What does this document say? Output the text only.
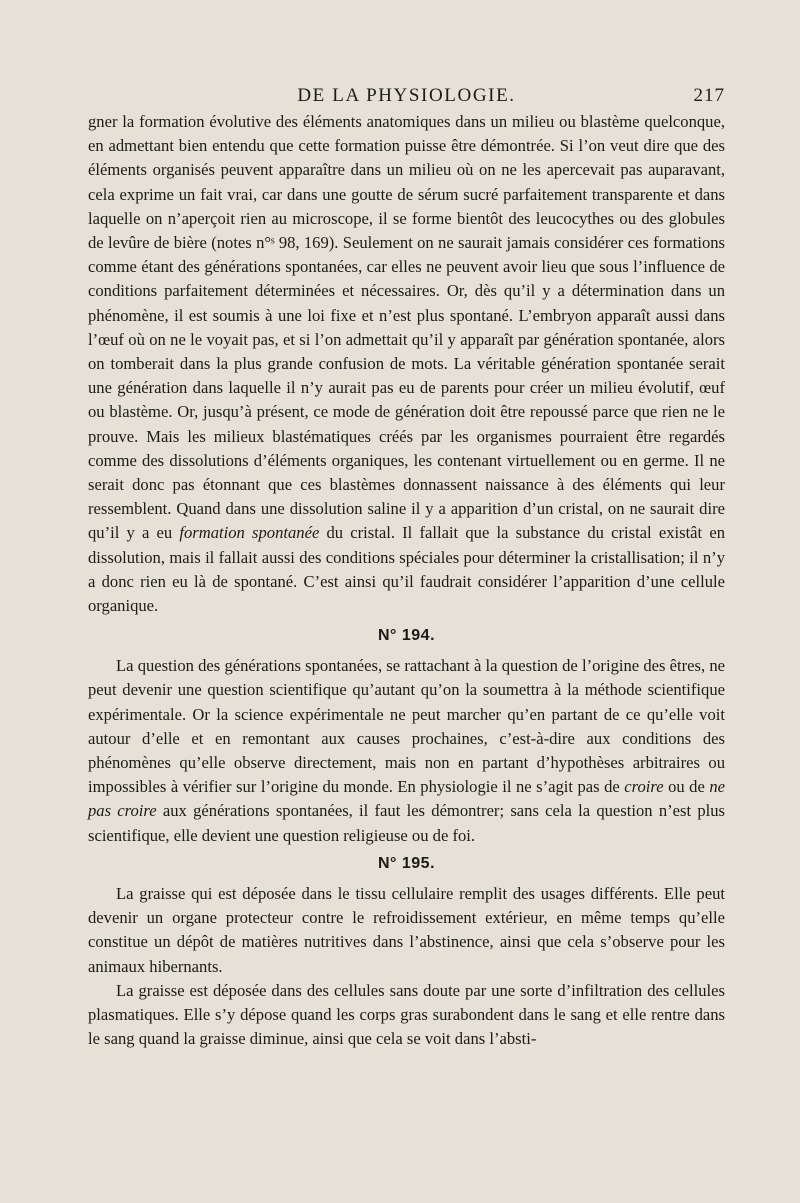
DE LA PHYSIOLOGIE.	217

gner la formation évolutive des éléments anatomiques dans un milieu ou blastème quelconque, en admettant bien entendu que cette formation puisse être démontrée. Si l’on veut dire que des éléments organisés peuvent apparaître dans un milieu où on ne les apercevait pas auparavant, cela exprime un fait vrai, car dans une goutte de sérum sucré parfaitement transparente et dans laquelle on n’aperçoit rien au microscope, il se forme bientôt des leucocythes ou des globules de levûre de bière (notes n°ˢ 98, 169). Seulement on ne saurait jamais considérer ces formations comme étant des générations spontanées, car elles ne peuvent avoir lieu que sous l’influence de conditions parfaitement déterminées et nécessaires. Or, dès qu’il y a détermination dans un phénomène, il est soumis à une loi fixe et n’est plus spontané. L’embryon apparaît aussi dans l’œuf où on ne le voyait pas, et si l’on admettait qu’il y apparaît par génération spontanée, alors on tomberait dans la plus grande confusion de mots. La véritable génération spontanée serait une génération dans laquelle il n’y aurait pas eu de parents pour créer un milieu évolutif, œuf ou blastème. Or, jusqu’à présent, ce mode de génération doit être repoussé parce que rien ne le prouve. Mais les milieux blastématiques créés par les organismes pourraient être regardés comme des dissolutions d’éléments organiques, les contenant virtuellement ou en germe. Il ne serait donc pas étonnant que ces blastèmes donnassent naissance à des éléments qui leur ressemblent. Quand dans une dissolution saline il y a apparition d’un cristal, on ne saurait dire qu’il y a eu formation spontanée du cristal. Il fallait que la substance du cristal existât en dissolution, mais il fallait aussi des conditions spéciales pour déterminer la cristallisation; il n’y a donc rien eu là de spontané. C’est ainsi qu’il faudrait considérer l’apparition d’une cellule organique.

N° 194.

La question des générations spontanées, se rattachant à la question de l’origine des êtres, ne peut devenir une question scientifique qu’autant qu’on la soumettra à la méthode scientifique expérimentale. Or la science expérimentale ne peut marcher qu’en partant de ce qu’elle voit autour d’elle et en remontant aux causes prochaines, c’est-à-dire aux conditions des phénomènes qu’elle observe directement, mais non en partant d’hypothèses arbitraires ou impossibles à vérifier sur l’origine du monde. En physiologie il ne s’agit pas de croire ou de ne pas croire aux générations spontanées, il faut les démontrer; sans cela la question n’est plus scientifique, elle devient une question religieuse ou de foi.

N° 195.

La graisse qui est déposée dans le tissu cellulaire remplit des usages différents. Elle peut devenir un organe protecteur contre le refroidissement extérieur, en même temps qu’elle constitue un dépôt de matières nutritives dans l’abstinence, ainsi que cela s’observe pour les animaux hibernants.

La graisse est déposée dans des cellules sans doute par une sorte d’infiltration des cellules plasmatiques. Elle s’y dépose quand les corps gras surabondent dans le sang et elle rentre dans le sang quand la graisse diminue, ainsi que cela se voit dans l’absti-
